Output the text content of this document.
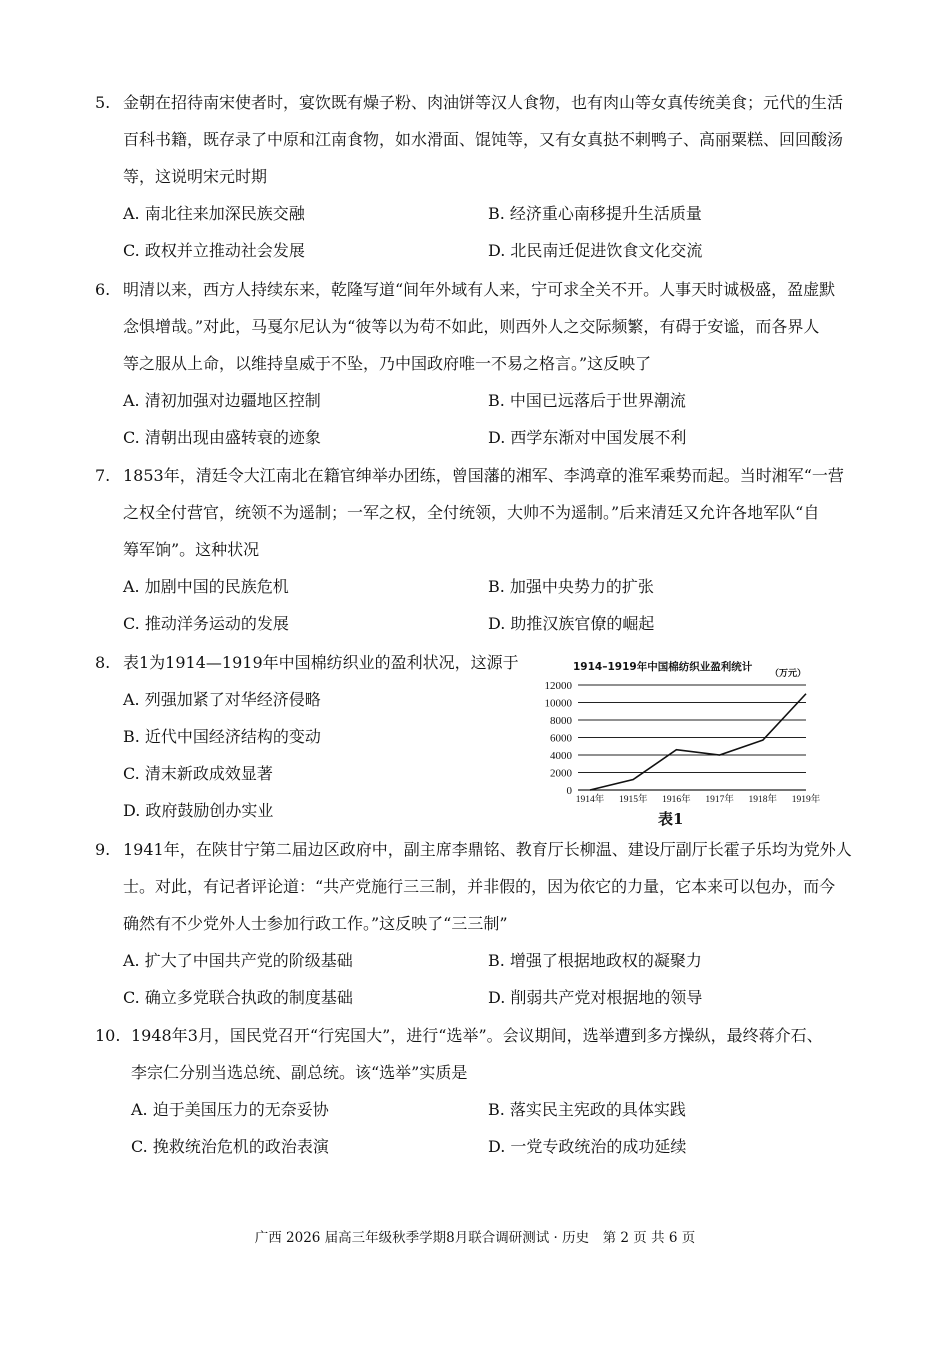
5. 金朝在招待南宋使者时，宴饮既有燥子粉、肉油饼等汉人食物，也有肉山等女真传统美食；元代的生活

百科书籍，既存录了中原和江南食物，如水滑面、馄饨等，又有女真挞不剌鸭子、高丽粟糕、回回酸汤

等，这说明宋元时期

A. 南北往来加深民族交融	B. 经济重心南移提升生活质量
C. 政权并立推动社会发展	D. 北民南迁促进饮食文化交流

6. 明清以来，西方人持续东来，乾隆写道“间年外域有人来，宁可求全关不开。人事天时诚极盛，盈虚默

念惧增哉。”对此，马戛尔尼认为“彼等以为苟不如此，则西外人之交际频繁，有碍于安谧，而各界人

等之服从上命，以维持皇威于不坠，乃中国政府唯一不易之格言。”这反映了

A. 清初加强对边疆地区控制	B. 中国已远落后于世界潮流
C. 清朝出现由盛转衰的迹象	D. 西学东渐对中国发展不利

7. 1853年，清廷令大江南北在籍官绅举办团练，曾国藩的湘军、李鸿章的淮军乘势而起。当时湘军“一营

之权全付营官，统领不为遥制；一军之权，全付统领，大帅不为遥制。”后来清廷又允许各地军队“自

筹军饷”。这种状况

A. 加剧中国的民族危机	B. 加强中央势力的扩张
C. 推动洋务运动的发展	D. 助推汉族官僚的崛起

8. 表1为1914—1919年中国棉纺织业的盈利状况，这源于

A. 列强加紧了对华经济侵略
B. 近代中国经济结构的变动
C. 清末新政成效显著
D. 政府鼓励创办实业
1914–1919年中国棉纺织业盈利统计
（万元）
0
2000
4000
6000
8000
10000
12000
1914年 1915年 1916年 1917年 1918年 1919年
表1

9. 1941年，在陕甘宁第二届边区政府中，副主席李鼎铭、教育厅长柳温、建设厅副厅长霍子乐均为党外人

士。对此，有记者评论道：“共产党施行三三制，并非假的，因为依它的力量，它本来可以包办，而今

确然有不少党外人士参加行政工作。”这反映了“三三制”

A. 扩大了中国共产党的阶级基础	B. 增强了根据地政权的凝聚力
C. 确立多党联合执政的制度基础	D. 削弱共产党对根据地的领导

10. 1948年3月，国民党召开“行宪国大”，进行“选举”。会议期间，选举遭到多方操纵，最终蒋介石、

李宗仁分别当选总统、副总统。该“选举”实质是

A. 迫于美国压力的无奈妥协	B. 落实民主宪政的具体实践
C. 挽救统治危机的政治表演	D. 一党专政统治的成功延续
广西 2026 届高三年级秋季学期8月联合调研测试 · 历史　第 2 页 共 6 页
